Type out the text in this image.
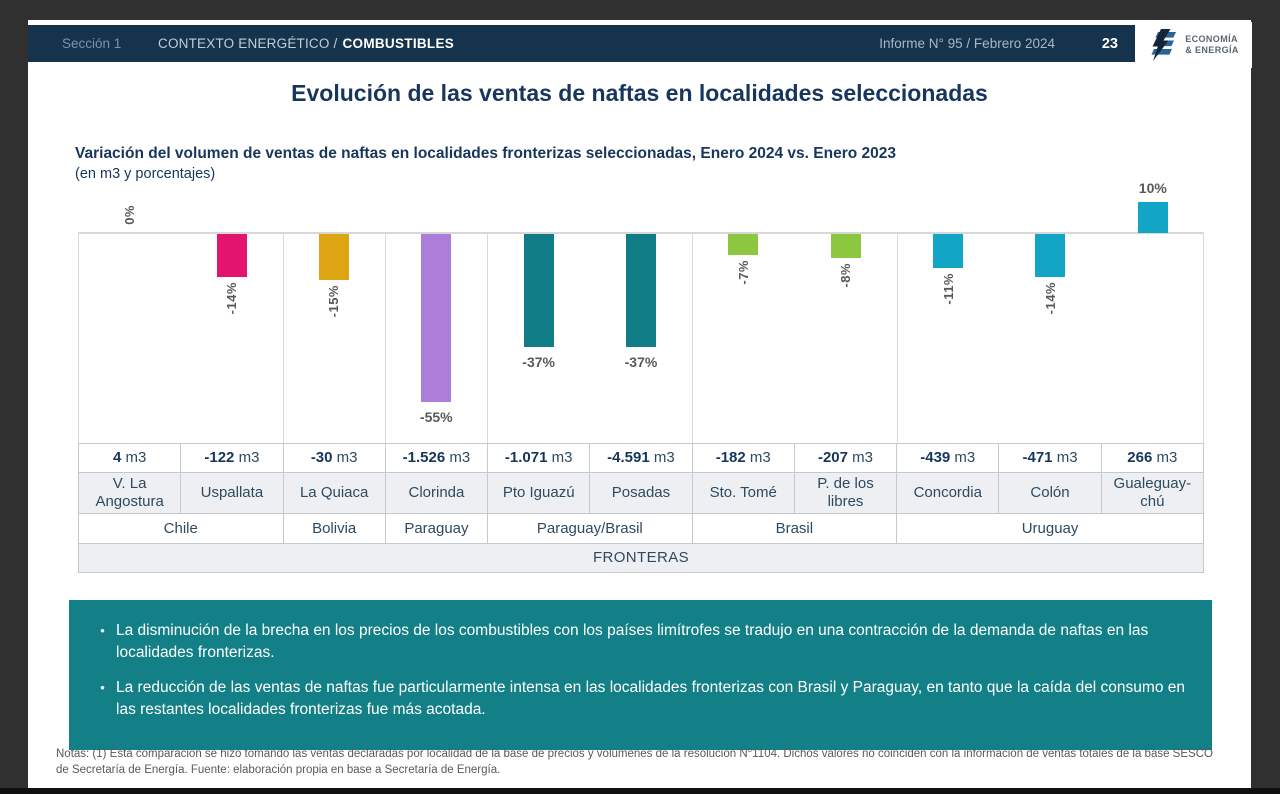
Sección 1	CONTEXTO ENERGÉTICO / COMBUSTIBLES	Informe N° 95 / Febrero 2024	23	ECONOMÍA
& ENERGÍA
Evolución de las ventas de naftas en localidades seleccionadas
Variación del volumen de ventas de naftas en localidades fronterizas seleccionadas, Enero 2024 vs. Enero 2023
(en m3 y porcentajes)
0%
-14%	-15%
-55%
-37%	-37%
-7%	-8%	-11%	-14%
10%
4 m3	-122 m3	-30 m3	-1.526 m3	-1.071 m3	-4.591 m3	-182 m3	-207 m3	-439 m3	-471 m3	266 m3
V. La Angostura	Uspallata	La Quiaca	Clorinda	Pto Iguazú	Posadas	Sto. Tomé	P. de los libres	Concordia	Colón	Gualeguay-chú
Chile		Bolivia	Paraguay	Paraguay/Brasil		Brasil		Uruguay		
FRONTERAS										
• La disminución de la brecha en los precios de los combustibles con los países limítrofes se tradujo en una contracción de la demanda de naftas en las localidades fronterizas.
• La reducción de las ventas de naftas fue particularmente intensa en las localidades fronterizas con Brasil y Paraguay, en tanto que la caída del consumo en las restantes localidades fronterizas fue más acotada.
Notas: (1) Esta comparación se hizo tomando las ventas declaradas por localidad de la base de precios y volúmenes de la resolución N°1104. Dichos valores no coinciden con la información de ventas totales de la base SESCO de Secretaría de Energía. Fuente: elaboración propia en base a Secretaría de Energía.
